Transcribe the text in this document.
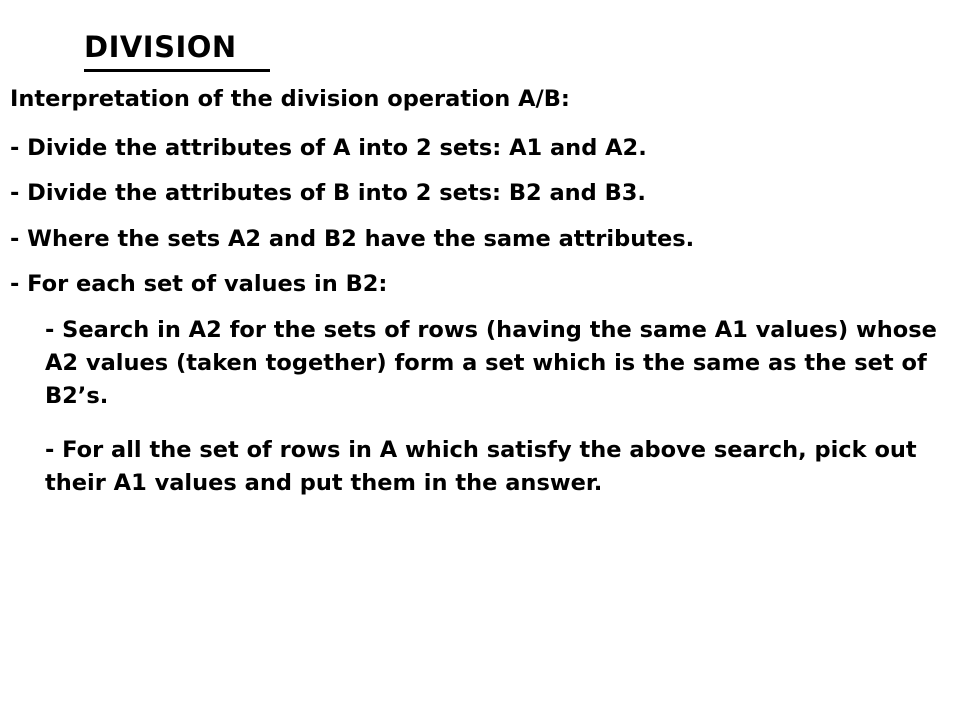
DIVISION
Interpretation of the division operation A/B:
- Divide the attributes of A into 2 sets: A1 and A2.
- Divide the attributes of B into 2 sets: B2 and B3.
- Where the sets A2 and B2 have the same attributes.
- For each set of values in B2:
- Search in A2 for the sets of rows (having the same A1 values) whose A2 values (taken together) form a set which is the same as the set of B2’s.
- For all the set of rows in A which satisfy the above search, pick out their A1 values and put them in the answer.
